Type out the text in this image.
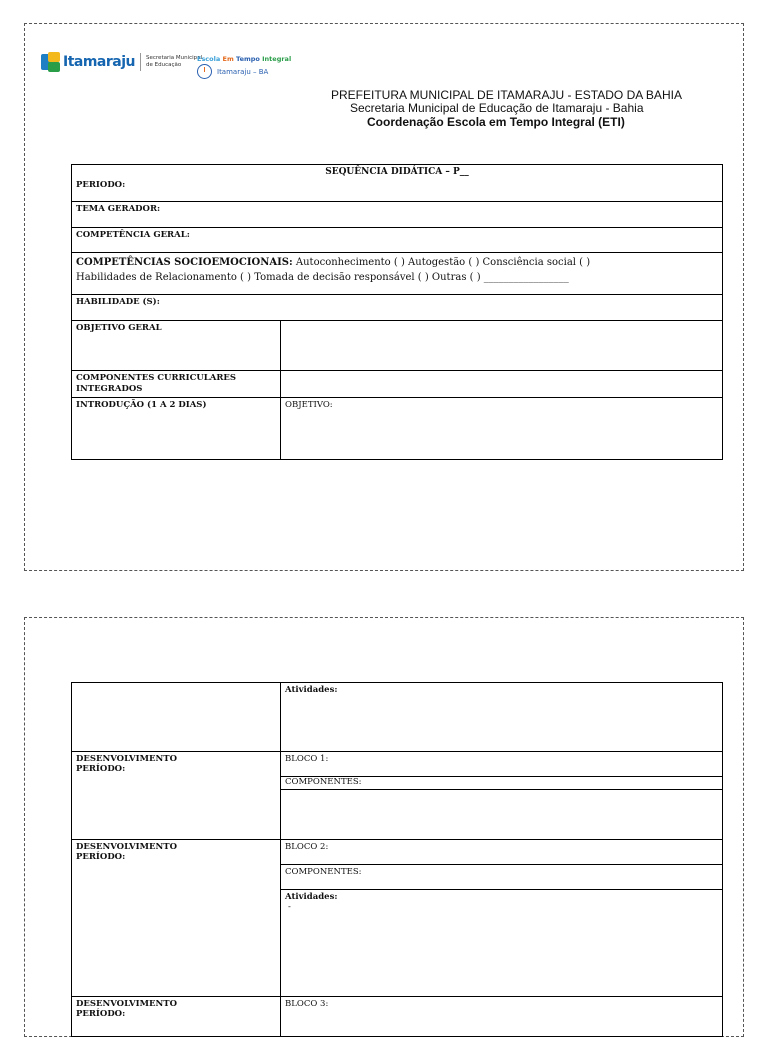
Itamaraju Secretaria Municipal
de Educação
Escola Em Tempo Integral
Itamaraju – BA
PREFEITURA MUNICIPAL DE ITAMARAJU - ESTADO DA BAHIA
Secretaria Municipal de Educação de Itamaraju - Bahia
Coordenação Escola em Tempo Integral (ETI)
SEQUÊNCIA DIDÁTICA – P__
PERIODO:	

TEMA GERADOR:	
COMPETÊNCIA GERAL:	
COMPETÊNCIAS SOCIOEMOCIONAIS: Autoconhecimento ( ) Autogestão ( ) Consciência social ( )
Habilidades de Relacionamento ( ) Tomada de decisão responsável ( ) Outras ( ) _________________	
HABILIDADE (S):	
OBJETIVO GERAL	
COMPONENTES CURRICULARES INTEGRADOS	
INTRODUÇÃO (1 A 2 DIAS)	OBJETIVO:
	Atividades:

DESENVOLVIMENTO
PERÍODO:	BLOCO 1:
	COMPONENTES:

DESENVOLVIMENTO
PERÍODO:	BLOCO 2:
	COMPONENTES:

	Atividades:
-

DESENVOLVIMENTO
PERÍODO:	BLOCO 3:
